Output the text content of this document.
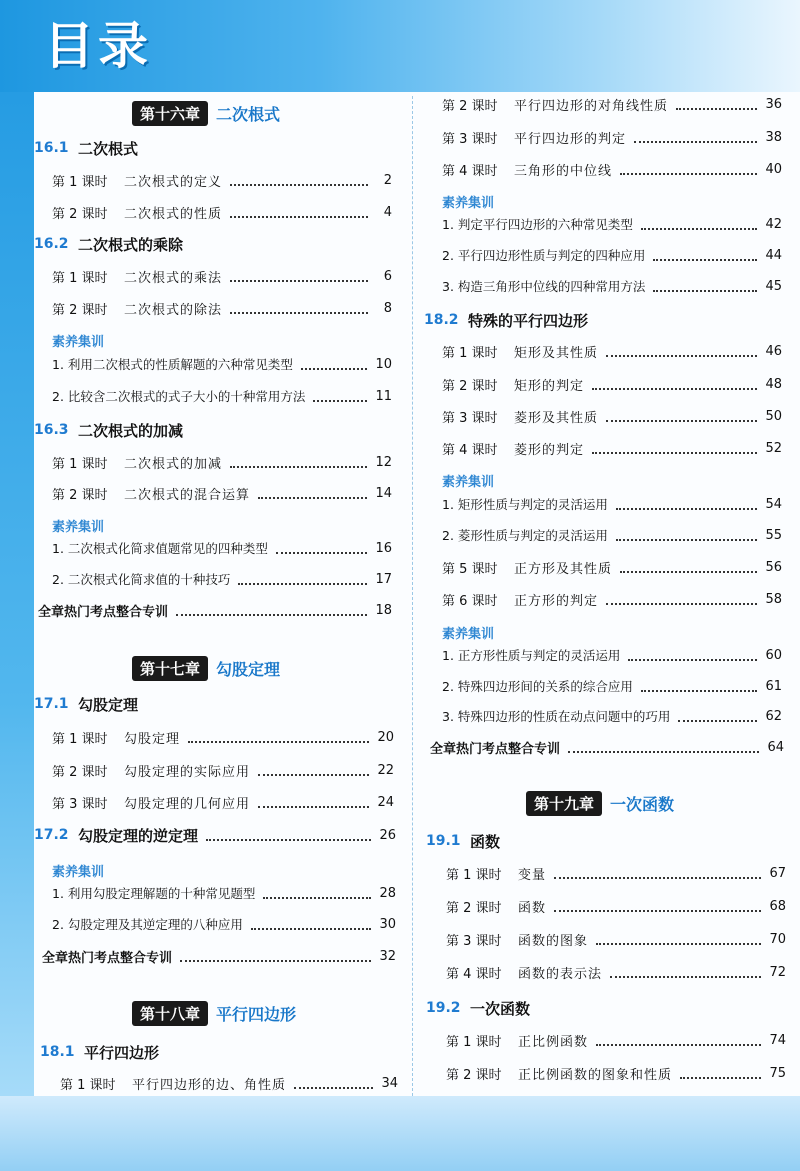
目录
第十六章	二次根式
16.1 二次根式
第 1 课时	二次根式的定义	2
第 2 课时	二次根式的性质	4
16.2 二次根式的乘除
第 1 课时	二次根式的乘法	6
第 2 课时	二次根式的除法	8
素养集训
1. 利用二次根式的性质解题的六种常见类型	10
2. 比较含二次根式的式子大小的十种常用方法	11
16.3 二次根式的加减
第 1 课时	二次根式的加减	12
第 2 课时	二次根式的混合运算	14
素养集训
1. 二次根式化简求值题常见的四种类型	16
2. 二次根式化简求值的十种技巧	17
全章热门考点整合专训	18
第十七章	勾股定理
17.1 勾股定理
第 1 课时	勾股定理	20
第 2 课时	勾股定理的实际应用	22
第 3 课时	勾股定理的几何应用	24
17.2 勾股定理的逆定理	26
素养集训
1. 利用勾股定理解题的十种常见题型	28
2. 勾股定理及其逆定理的八种应用	30
全章热门考点整合专训	32
第十八章	平行四边形
18.1 平行四边形
第 1 课时	平行四边形的边、角性质	34
第 2 课时	平行四边形的对角线性质	36
第 3 课时	平行四边形的判定	38
第 4 课时	三角形的中位线	40
素养集训
1. 判定平行四边形的六种常见类型	42
2. 平行四边形性质与判定的四种应用	44
3. 构造三角形中位线的四种常用方法	45
18.2 特殊的平行四边形
第 1 课时	矩形及其性质	46
第 2 课时	矩形的判定	48
第 3 课时	菱形及其性质	50
第 4 课时	菱形的判定	52
素养集训
1. 矩形性质与判定的灵活运用	54
2. 菱形性质与判定的灵活运用	55
第 5 课时	正方形及其性质	56
第 6 课时	正方形的判定	58
素养集训
1. 正方形性质与判定的灵活运用	60
2. 特殊四边形间的关系的综合应用	61
3. 特殊四边形的性质在动点问题中的巧用	62
全章热门考点整合专训	64
第十九章	一次函数
19.1 函数
第 1 课时	变量	67
第 2 课时	函数	68
第 3 课时	函数的图象	70
第 4 课时	函数的表示法	72
19.2 一次函数
第 1 课时	正比例函数	74
第 2 课时	正比例函数的图象和性质	75
